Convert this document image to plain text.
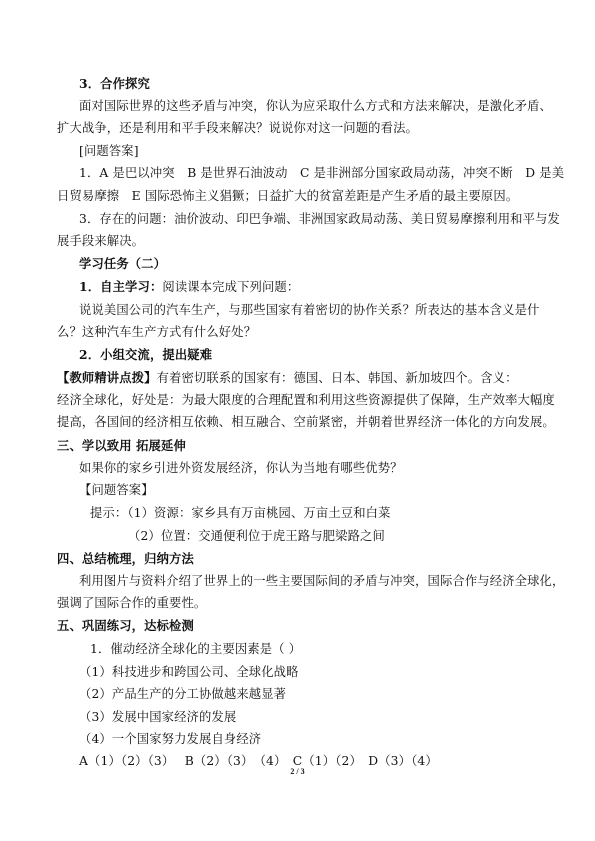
3．合作探究
面对国际世界的这些矛盾与冲突，你认为应采取什么方式和方法来解决，是激化矛盾、
扩大战争，还是利用和平手段来解决？说说你对这一问题的看法。
[问题答案]
1．A 是巴以冲突　B 是世界石油波动　C 是非洲部分国家政局动荡，冲突不断　D 是美
日贸易摩擦　E 国际恐怖主义猖獗；日益扩大的贫富差距是产生矛盾的最主要原因。
3．存在的问题：油价波动、印巴争端、非洲国家政局动荡、美日贸易摩擦利用和平与发
展手段来解决。
学习任务（二）
1．自主学习：阅读课本完成下列问题：
说说美国公司的汽车生产，与那些国家有着密切的协作关系？所表达的基本含义是什
么？这种汽车生产方式有什么好处？
2．小组交流，提出疑难
【教师精讲点拨】有着密切联系的国家有：德国、日本、韩国、新加坡四个。含义：
经济全球化，好处是：为最大限度的合理配置和利用这些资源提供了保障，生产效率大幅度
提高，各国间的经济相互依赖、相互融合、空前紧密，并朝着世界经济一体化的方向发展。
三、学以致用 拓展延伸
如果你的家乡引进外资发展经济，你认为当地有哪些优势？
【问题答案】
提示：（1）资源：家乡具有万亩桃园、万亩土豆和白菜
（2）位置：交通便利位于虎王路与肥梁路之间
四、总结梳理，归纳方法
利用图片与资料介绍了世界上的一些主要国际间的矛盾与冲突，国际合作与经济全球化，
强调了国际合作的重要性。
五、巩固练习，达标检测
1．催动经济全球化的主要因素是（ ）
（1）科技进步和跨国公司、全球化战略
（2）产品生产的分工协做越来越显著
（3）发展中国家经济的发展
（4）一个国家努力发展自身经济
A（1）（2）（3）　 B（2）（3）　（4）　C（1）（2）　D（3）（4）
2 / 3
